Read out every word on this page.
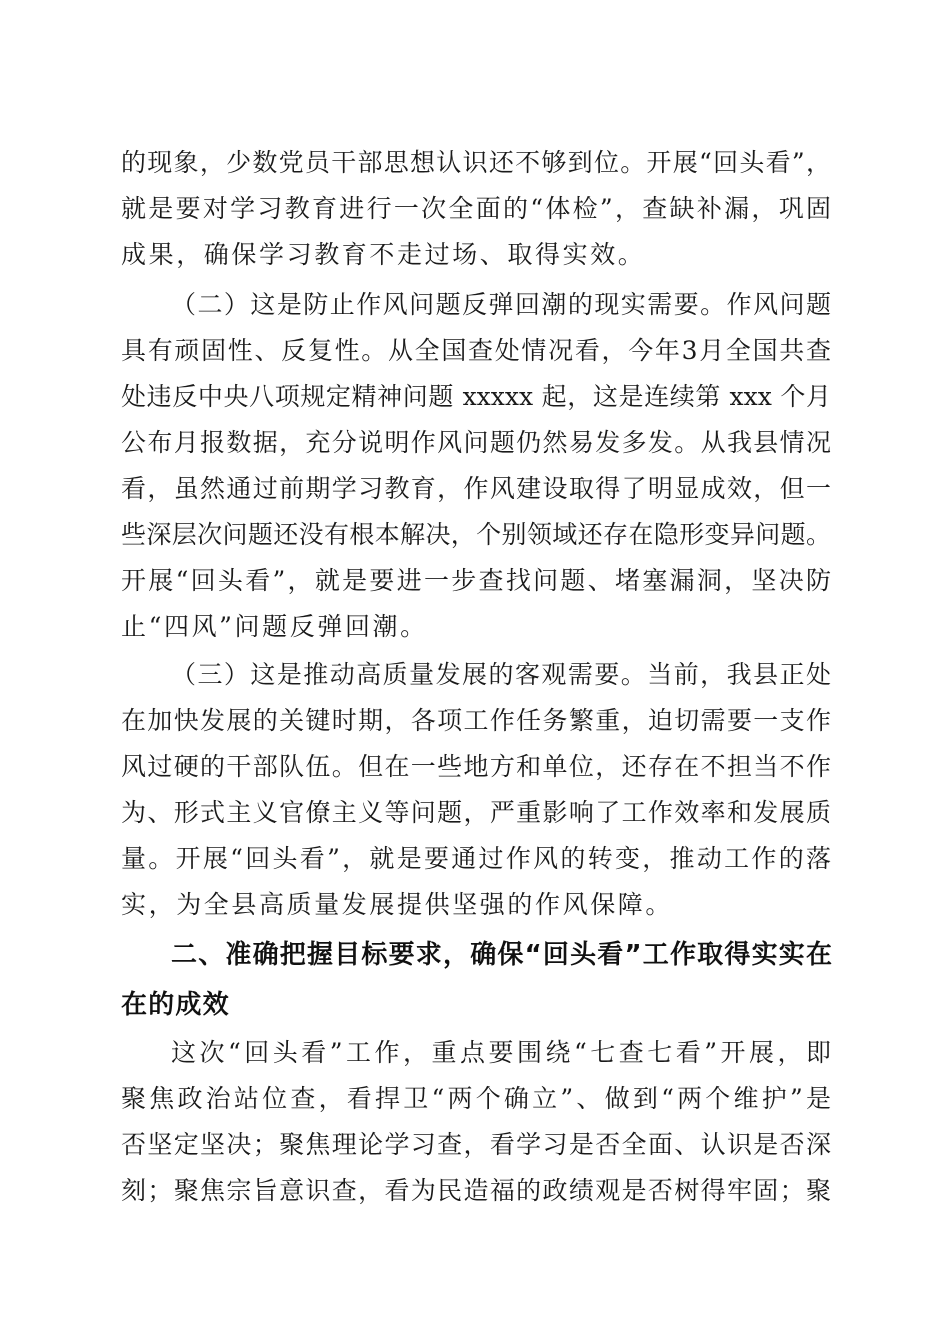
的现象，少数党员干部思想认识还不够到位。开展“回头看”，
就是要对学习教育进行一次全面的“体检”，查缺补漏，巩固
成果，确保学习教育不走过场、取得实效。
（二）这是防止作风问题反弹回潮的现实需要。作风问题
具有顽固性、反复性。从全国查处情况看，今年3月全国共查
处违反中央八项规定精神问题 xxxxx 起，这是连续第 xxx 个月
公布月报数据，充分说明作风问题仍然易发多发。从我县情况
看，虽然通过前期学习教育，作风建设取得了明显成效，但一
些深层次问题还没有根本解决，个别领域还存在隐形变异问题。
开展“回头看”，就是要进一步查找问题、堵塞漏洞，坚决防
止“四风”问题反弹回潮。
（三）这是推动高质量发展的客观需要。当前，我县正处
在加快发展的关键时期，各项工作任务繁重，迫切需要一支作
风过硬的干部队伍。但在一些地方和单位，还存在不担当不作
为、形式主义官僚主义等问题，严重影响了工作效率和发展质
量。开展“回头看”，就是要通过作风的转变，推动工作的落
实，为全县高质量发展提供坚强的作风保障。
二、准确把握目标要求，确保“回头看”工作取得实实在
在的成效
这次“回头看”工作，重点要围绕“七查七看”开展，即
聚焦政治站位查，看捍卫“两个确立”、做到“两个维护”是
否坚定坚决；聚焦理论学习查，看学习是否全面、认识是否深
刻；聚焦宗旨意识查，看为民造福的政绩观是否树得牢固；聚
